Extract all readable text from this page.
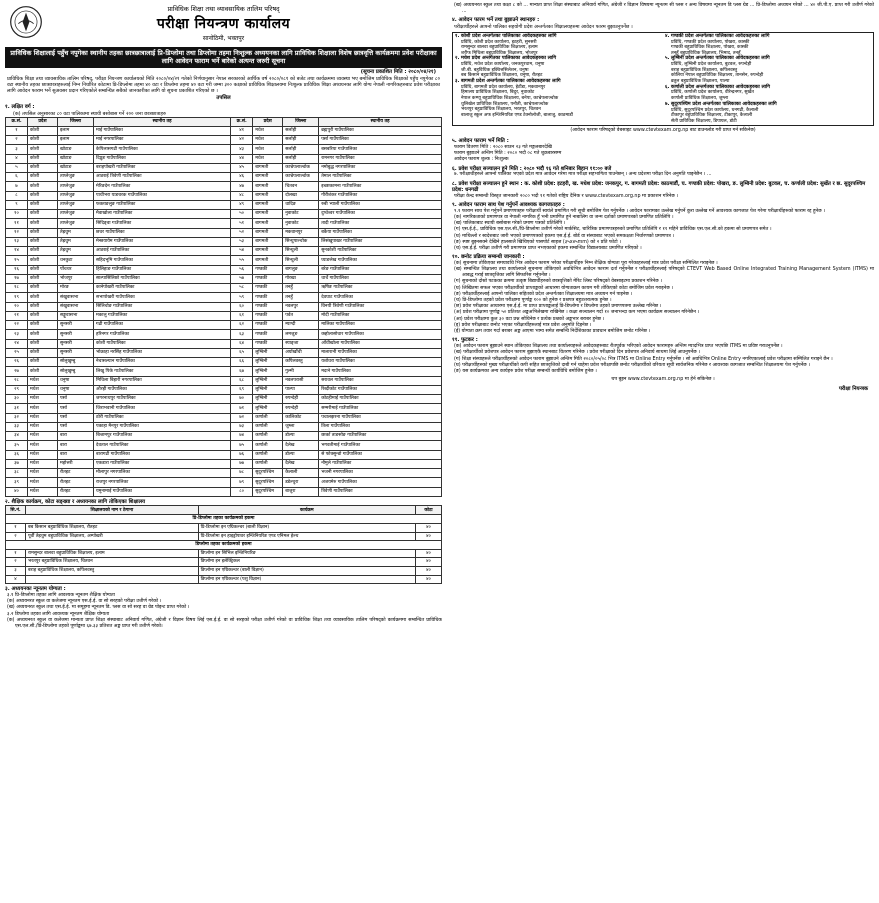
प्राविधिक शिक्षा तथा व्यावसायिक तालिम परिषद्
परीक्षा नियन्त्रण कार्यालय
सानोठिमी, भक्तपुर
प्राविधिक शिक्षालाई पहुँच नपुगेका स्थानीय तहका छात्रछात्रालाई प्रि-डिप्लोमा तथा डिप्लोमा तहमा निःशुल्क अध्ययनका लागि प्राविधिक शिक्षाला विशेष छात्रवृत्ति कार्यक्रममा प्रवेश परीक्षाका लागि आवेदन फाराम भर्ने बारेको अत्यन्त जरुरी सूचना
(सूचना प्रकाशित मिति : २०८०/०४/२१)
प्राविधिक शिक्षा तथा व्यावसायिक तालिम परिषद्, परीक्षा नियन्त्रण कार्यालयको मिति २०८०/०४/२१ गतेको निर्णयानुसार नेपाल सरकारको आर्थिक वर्ष २०८०/०८१ को बजेट तथा कार्यक्रममा व्यवस्था भए बमोजिम प्राविधिक शिक्षाको पहुँच नपुगेका ८० वटा स्थानीय तहका छात्रछात्राहरुलाई निम्न निर्धारित कोटामा प्रि-डिप्लोमा तहमा ४० वटा र डिप्लोमा तहमा ४० वटा गरी जम्मा ३०० कक्षाको प्राविधिक शिक्षालयमा निःशुल्क प्राविधिक शिक्षा अध्ययनका लागि योग्य नेपाली नागरिकहरुबाट प्रवेश परीक्षाका लागि आवेदन फाराम भर्ने सुअवसर प्रदान गरिएकोले सम्बन्धित सबैको जानकारीका लागि यो सूचना प्रकाशित गरिएको छ ।
तपसिल
१. लक्षित वर्ग :
(क) तपसिल अनुसारका ८० वटा पालिकामा स्थायी बसोबास गर्ने २०० जना छात्रछात्राहरु
क्र.सं.	प्रदेश	जिल्ला	स्थानीय तह	क्र.सं.	प्रदेश	जिल्ला	स्थानीय तह
१	कोशी	इलाम	माई गाउँपालिका	४१	मधेश	सर्लाही	ब्रह्मपुरी गाउँपालिका
२	कोशी	इलाम	माई नगरपालिका	४२	मधेश	सर्लाही	पर्सा गाउँपालिका
३	कोशी	खोटाङ	केपिलासगढी गाउँपालिका	४३	मधेश	सर्लाही	बसबरिया गाउँपालिका
४	कोशी	खोटाङ	दिप्रुङ गाउँपालिका	४४	मधेश	सर्लाही	रामनगर गाउँपालिका
५	कोशी	खोटाङ	बराहपोखरी गाउँपालिका	४५	बागमती	काभ्रेपलाञ्चोक	नमोबुद्ध नगरपालिका
६	कोशी	ताप्लेजुङ	आठराई त्रिवेणी गाउँपालिका	४६	बागमती	काभ्रेपलाञ्चोक	तेमाल गाउँपालिका
७	कोशी	ताप्लेजुङ	मेरिङदेन गाउँपालिका	४७	बागमती	चितवन	इच्छाकामना गाउँपालिका
८	कोशी	ताप्लेजुङ	पाथीभरा याङवरक गाउँपालिका	४८	बागमती	दोलखा	गौरीशंकर गाउँपालिका
९	कोशी	ताप्लेजुङ	फक्ताङलुङ गाउँपालिका	४९	बागमती	धादिङ	रुबी भ्याली गाउँपालिका
१०	कोशी	ताप्लेजुङ	मैवाखोला गाउँपालिका	५०	बागमती	नुवाकोट	दुप्चेश्वर गाउँपालिका
११	कोशी	ताप्लेजुङ	सिदिङ्वा गाउँपालिका	५१	बागमती	नुवाकोट	तादी गाउँपालिका
१२	कोशी	तेह्रथुम	छथर गाउँपालिका	५२	बागमती	मकवानपुर	बकैया गाउँपालिका
१३	कोशी	तेह्रथुम	मेन्छयायेम गाउँपालिका	५३	बागमती	सिन्धुपाल्चोक	लिसंखुपाखर गाउँपालिका
१४	कोशी	तेह्रथुम	आठराई गाउँपालिका	५४	बागमती	सिन्धुली	सुनकोशी गाउँपालिका
१५	कोशी	धनकुटा	सहिदभूमि गाउँपालिका	५५	बागमती	सिन्धुली	घ्याङलेख गाउँपालिका
१६	कोशी	पाँचथर	हिलिहाङ गाउँपालिका	५६	गण्डकी	बागलुङ	बरेङ गाउँपालिका
१७	कोशी	भोजपुर	साल्पासिलिछो गाउँपालिका	५७	गण्डकी	गोरखा	धार्चे गाउँपालिका
१८	कोशी	मोरङ	कानेपोखरी गाउँपालिका	५८	गण्डकी	तनहुँ	ऋषिङ गाउँपालिका
१९	कोशी	संखुवासभा	सभापोखरी गाउँपालिका	५९	गण्डकी	तनहुँ	देवघाट गाउँपालिका
२०	कोशी	संखुवासभा	सिलिचोङ गाउँपालिका	६०	गण्डकी	नवलपुर	विनयी त्रिवेणी गाउँपालिका
२१	कोशी	सङ्खुवासभा	मकालु गाउँपालिका	६१	गण्डकी	पर्वत	मोदी गाउँपालिका
२२	कोशी	सुनसरी	गढी गाउँपालिका	६२	गण्डकी	म्याग्दी	मालिका गाउँपालिका
२३	कोशी	सुनसरी	हरिनगर गाउँपालिका	६३	गण्डकी	लमजुङ	क्व्होलासोथार गाउँपालिका
२४	कोशी	सुनसरी	कोशी गाउँपालिका	६४	गण्डकी	स्याङ्जा	आँधीखोला गाउँपालिका
२५	कोशी	सुनसरी	भोक्राहा नरसिंह गाउँपालिका	६५	लुम्बिनी	अर्घाखाँची	मालारानी गाउँपालिका
२६	कोशी	सोलुखुम्बु	नेचासल्यान गाउँपालिका	६६	लुम्बिनी	कपिलवस्तु	यशोधरा गाउँपालिका
२७	कोशी	सोलुखुम्बु	लिखु पिके गाउँपालिका	६७	लुम्बिनी	गुल्मी	मदाने गाउँपालिका
२८	मधेश	धनुषा	मिथिला बिहारी नगरपालिका	६८	लुम्बिनी	नवलपरासी	सरावल गाउँपालिका
२९	मधेश	धनुषा	औरही गाउँपालिका	६९	लुम्बिनी	पाल्पा	रिब्दीकोट गाउँपालिका
३०	मधेश	पर्सा	जगरनाथपुर गाउँपालिका	७०	लुम्बिनी	रुपन्देही	कोटहीमाई गाउँपालिका
३१	मधेश	पर्सा	जिराभवानी गाउँपालिका	७१	लुम्बिनी	रुपन्देही	सम्मरीमाई गाउँपालिका
३२	मधेश	पर्सा	ठोरी गाउँपालिका	७२	कर्णाली	कालिकोट	पचालझरना गाउँपालिका
३३	मधेश	पर्सा	पकाहा मैनपुर गाउँपालिका	७३	कर्णाली	जुम्ला	तिला गाउँपालिका
३४	मधेश	बारा	बिश्रामपुर गाउँपालिका	७४	कर्णाली	डोल्पा	छार्का ताङसोङ गाउँपालिका
३५	मधेश	बारा	देवताल गाउँपालिका	७५	कर्णाली	दैलेख	भगवतीमाई गाउँपालिका
३६	मधेश	बारा	बारागढी गाउँपालिका	७६	कर्णाली	डोल्पा	से फोक्सुन्डो गाउँपालिका
३७	मधेश	महोत्तरी	एकडारा गाउँपालिका	७७	कर्णाली	दैलेख	नौमुले गाउँपालिका
३८	मधेश	रौतहट	मौलापुर नगरपालिका	७८	सुदूरपश्चिम	कैलाली	भजनी नगरपालिका
३९	मधेश	रौतहट	राजपुर नगरपालिका	७९	सुदूरपश्चिम	डडेल्धुरा	अजयमेरु गाउँपालिका
४०	मधेश	रौतहट	यमुनामाई गाउँपालिका	८०	सुदूरपश्चिम	बाजुरा	त्रिवेणी गाउँपालिका
२. शैक्षिक कार्यक्रम, कोटा सङ्ख्या र अध्ययनका लागि तोकिएका शिक्षालय
सि.नं.	शिक्षालयको नाम र ठेगाना	कार्यक्रम	कोटा
प्रि-डिप्लोमा तहका कार्यक्रमको हकमा			
१	बब किसान बहुप्राविधिक शिक्षालय, रौतहट	प्रि-डिप्लोमा इन एग्रिकल्चर (बाली विज्ञान)	४०
२	पूर्वी तेह्रथुम बहुप्राविधिक शिक्षालय, अम्पोखरी	प्रि-डिप्लोमा इन हाइड्रोपावर इन्जिनियरिङ एण्ड एनिमल हेल्थ	४०
डिप्लोमा तहका कार्यक्रमको हकमा			
१	रामसुन्दर बालवा बहुप्राविधिक शिक्षालय, इलाम	डिप्लोमा इन सिभिल इन्जिनियरिङ	४०
२	भरतपुर बहुप्राविधिक शिक्षालय, चितवन	डिप्लोमा इन इलेक्ट्रिकल	४०
३	बराह बहुप्राविधिक शिक्षालय, कपिलवस्तु	डिप्लोमा इन एग्रिकल्चर (बाली विज्ञान)	४०
४		डिप्लोमा इन एग्रिकल्चर (पशु विज्ञान)	४०
३. अध्ययनका न्यूनतम योग्यता :
३.१ प्रि-डिप्लोमा तहका लागि आवश्यक न्यूनतम शैक्षिक योग्यता
(क) अध्ययनरत स्कुल वा कलेजमा न्यूनतम एस.ई.ई. वा सो सरहको परीक्षा उत्तीर्ण गरेको ।
(ख) अध्ययनरत स्कुल तथा एस.ई.ई. मा समूहमा न्यूनतम डि. प्लस वा सो सरह वा ग्रेड पोइन्ट प्राप्त गरेको ।
३.२ डिप्लोमा तहका लागि आवश्यक न्यूनतम शैक्षिक योग्यता
(क) अध्ययनरत स्कुल वा कलेजमा मान्यता प्राप्त शिक्षा संस्थाबाट अनिवार्य गणित, अंग्रेजी र विज्ञान विषय लिई एस.ई.ई. वा सो सरहको परीक्षा उत्तीर्ण गरेको वा प्राविधिक शिक्षा तथा व्यावसायिक तालिम परिषद्को कार्यक्रममा सम्बन्धित प्राविधिक एस.एल.सी./प्रि-डिप्लोमा तहको पूर्णाङ्कमा ६७.३३ प्रतिशत अङ्क प्राप्त गरी उत्तीर्ण गरेको।
(ख) अध्ययनरत स्कुल तथा कक्षा ८ को ... मान्यता प्राप्त शिक्षा संस्थाबाट अनिवार्य गणित, अंग्रेजी र विज्ञान विषयमा न्यूनतम सी प्लस र अन्य विषयमा न्यूनतम डि प्लस ग्रेड ... प्रि-डिप्लोमा अध्ययन गरेको ... ४० जी.पी.ए. प्राप्त गरी उत्तीर्ण गरेको ...
४. आवेदन फारम भर्ने तथा बुझाउने स्थानहरु :
परीक्षार्थीहरुले आफ्नो पालिका सहयोगी प्रदेश अन्तर्गतका शिक्षालयहरुमा आवेदन फारम बुझाउनुपर्नेछ ।
१. कोशी प्रदेश अन्तर्गतका पालिकाका आवेदकहरुका लागि
प्रविधि, कोशी प्रदेश कार्यालय, इटहरी, सुनसरी
रामसुन्दर बालवा बहुप्राविधिक शिक्षालय, इलाम
शरीफ मिथिला बहुप्राविधिक शिक्षालय, भोजपुर
२. मधेश प्रदेश अन्तर्गतका पालिकाका आवेदकहरुका लागि
प्रविधि, मधेश प्रदेश कार्यालय, जनकपुरधाम, धनुषा
जी.बी. बहुविधिक इक्वित्तसिलेशन, धनुषा
बब किसान बहुप्राविधिक शिक्षालय, धनुषा, रौतहट
३. बागमती प्रदेश अन्तर्गतका पालिकाका आवेदकहरुका लागि
प्रविधि, बागमती प्रदेश कार्यालय, हेटौंडा, मकवानपुर
हिमालय प्राविधिक शिक्षालय, बिदुर, नुवाकोट
नेपाल कम्प्यू बहुप्राविधिक शिक्षालय, बनेपा, काभ्रेपलाञ्चोक
धुलिखेल प्राविधिक शिक्षालय, पनौती, काभ्रेपलाञ्चोक
भरतपुर बहुप्राविधिक शिक्षालय, भरतपुर, चितवन
बालाजु स्कूल अफ इन्जिनियरिङ एण्ड टेक्नोलोजी, बालाजु, काठमाडौं
४. गण्डकी प्रदेश अन्तर्गतका पालिकाका आवेदकहरुका लागि
प्रविधि, गण्डकी प्रदेश कार्यालय, पोखरा, कास्की
गण्डकी बहुप्राविधिक शिक्षालय, पोखरा, कास्की
तनहुँ बहुप्राविधिक शिक्षालय, भिमाद, तनहुँ
५. लुम्बिनी प्रदेश अन्तर्गतका पालिकाका आवेदकहरुका लागि
प्रविधि, लुम्बिनी प्रदेश कार्यालय, बुटवल, रुपन्देही
बराह बहुप्राविधिक शिक्षालय, कपिलवस्तु
कोलिया नेपाल बहुप्राविधिक शिक्षालय, तानसेन, रुपन्देही
ब्रतुल बहुप्राविधिक शिक्षालय, पाल्पा
६. कर्णाली प्रदेश अन्तर्गतका पालिकाका आवेदकहरुका लागि
प्रविधि, कर्णाली प्रदेश कार्यालय, वीरेन्द्रनगर, सुर्खेत
कर्णाली प्राविधिक शिक्षालय, जुम्ला
७. सुदूरपश्चिम प्रदेश अन्तर्गतका पालिकाका आवेदकहरुका लागि
प्रविधि, सुदूरपश्चिम प्रदेश कार्यालय, धनगढी, कैलाली
टीकापुर बहुप्राविधिक शिक्षालय, टीकापुर, कैलाली
सेती प्राविधिक शिक्षालय, डिपायल, डोटी
(आवेदन फाराम परिषद्को वेबसाइट www.ctevtexam.org.np बाट डाउनलोड गरी प्राप्त गर्न सकिनेछ)
५. आवेदन फाराम भर्ने मिति :
फाराम वितरण मिति : २०८० साउन २३ गते मङ्गलबारदेखि
फाराम बुझाउने अन्तिम मिति : २०८० भदौ ०८ गते शुक्रबारसम्म
आवेदन फाराम शुल्क : निःशुल्क
६. प्रवेश परीक्षा सञ्चालन हुने मिति : २०८० भदौ १६ गते शनिबार बिहान ११:०० बजे
७. परीक्षार्थीहरुले आफ्नो पालिका भएको प्रदेश मात्र आवेदन गरेमा मात्र परीक्षा सहभागिता पाउनेछन् । अन्य प्रदेशमा परीक्षा दिन अनुमति पाइनेछैन । ...
८. प्रवेश परीक्षा सञ्चालन हुने स्थान : क. कोशी प्रदेश: इटहरी, ख. मधेश प्रदेश: जनकपुर, ग. बागमती प्रदेश: काठमाडौं, घ. गण्डकी प्रदेश: पोखरा, ङ. लुम्बिनी प्रदेश: बुटवल, च. कर्णाली प्रदेश: सुर्खेत र छ. सुदूरपश्चिम प्रदेश: धनगढी
परीक्षा केन्द्र सम्बन्धी विस्तृत जानकारी २०८० भदौ ११ गतेको राष्ट्रिय दैनिक र www.ctevtexam.org.np मा प्रकाशन गरिनेछ ।
९. आवेदन फाराम साथ पेश गर्नुपर्ने आवश्यक कागजातहरु :
९.१ फाराम साथ पेश गर्नुपर्ने प्रमाणपत्रहरु परीक्षार्थी स्वयंले प्रमाणित गरी सुची बमोजिम पेश गर्नुपर्नेछ । आवेदन फारामका उल्लेख गर्नुपर्ने कुरा उल्लेख गर्ने आवश्यक कागजात पेश गरेमा परीक्षार्थीहरुको फाराम रद्द हुनेछ ।
(क) नागरिकताको प्रमाणपत्र वा नेपाली नागरिक हुँ भनी प्रमाणित हुने नाबालिग वा जन्म दर्ताको प्रमाणपत्रको प्रमाणित प्रतिलिपि ।
(ख) पालिकाबाट स्थायी बसोबास गरेको प्रमाण पत्रको प्रतिलिपि ।
(ग) एस.ई.ई., प्राविधिक एस.एल.सी./प्रि-डिप्लोमा उत्तीर्ण गरेको मार्कसिट, चारित्रिक प्रमाणपत्रहरुको प्रमाणित प्रतिलिपि र ११ महिने प्राविधिक एस.एल.सी.को हकमा सो प्रमाणपत्र समेत ।
(घ) माथिल्लो र स्वदेशबाट जारी भएको प्रमाणपत्रको हकमा एस.ई.ई. बोर्ड वा संस्थाबाट भएको समकक्षता निर्धारणको प्रमाणपत्र ।
(ङ) स्पष्ट बुझ्नसक्ने देखिने हालसालै खिचिएको पासपोर्ट साइज (३५x४५mm) को २ प्रति फोटो ।
(च) एस.ई.ई. परीक्षा उत्तीर्ण गरी प्रमाणपत्र प्राप्त नभएकाको हकमा सम्बन्धित विद्यालयबाट प्रमाणित गरिएको ।
१०. छनोट प्रक्रिया सम्बन्धी जानकारी :
(क) सुचनामा तोकिएका समयावधि भित्र आवेदन फाराम भरेका परीक्षार्थीहरु निम्न शैक्षिक योग्यता पूरा गरेकाहरुलाई मात्र प्रवेश परीक्षा सम्मिलित गराइनेछ ।
(ख) सम्बन्धित शिक्षालय तथा कार्यालयले सुचनामा तोकिएको अवधिभित्र आवेदन फाराम दर्ता गर्नुपर्नेछ र परीक्षार्थीहरुलाई परिषद्को CTEVT Web Based Online Integrated Training Management System (ITMS) मा आबद्ध गराई छात्रवृत्तिका लागि सिफारिस गर्नुपर्नेछ ।
(ग) सुचनाको दोस्रो पटकका क्रममा उत्कृष्ट बिद्यार्थीहरुको छात्रवृत्तिको मेरिट लिस्ट परिषद्को वेबसाइटमा प्रकाशन गरिनेछ ।
(घ) लिखितमा सफल भएका परीक्षार्थीको प्राप्ताङ्कको आधारमा योग्यताक्रम कायम गरी तोकिएको कोटा बमोजिम प्रवेश गराइनेछ ।
(ङ) परीक्षार्थीहरुलाई आफ्नो पालिका सहितको प्रदेश अन्तर्गतका शिक्षालयमा मात्र अध्ययन गर्न पाइनेछ ।
(च) प्रि-डिप्लोमा तहको प्रवेश परीक्षामा पूर्णाङ्क १०० को हुनेछ र प्रश्नपत्र बहुउत्तरात्मक हुनेछ ।
(छ) प्रवेश परीक्षाका आधारमा एस.ई.ई. मा प्राप्त प्राप्ताङ्कलाई प्रि-डिप्लोमा र डिप्लोमा तहको प्रमाणपत्रमा उल्लेख गरिनेछ ।
(अ) प्रवेश परीक्षामा पूर्णाङ्क ५० प्रतिशत अङ्कअभिलेखमा राखिनेछ । कक्षा सञ्चालन गर्दा १० जनाभन्दा कम भएमा कार्यक्रम सञ्चालन गरिनेछैन ।
(आ) प्रवेश परीक्षामा कुल ३० वटा प्रश्न सोधिनेछ र प्रत्येक प्रश्नको अङ्कभार बराबर हुनेछ ।
(इ) प्रवेश परीक्षाबाट छनोट भएका परीक्षार्थीहरुलाई मात्र प्रवेश अनुमति दिइनेछ ।
(ई) योग्यता क्रम तयार गर्दा बराबर अङ्क आएमा भाग्य समेत सम्बन्धि निर्देशिकाका प्रावधान बमोजिम छनोट गरिनेछ ।
११. फुटकर :
(क) आवेदन फाराम बुझाउने स्थान तोकिएका शिक्षालय तथा कार्यालयहरुले आवेदकहरुबाट रीतपूर्वक भरिएको आवेदन फारामहरु अन्तिम म्यादभित्र प्राप्त भएपछि ITMS मा प्रविष्ट गराउनुपर्नेछ ।
(ख) परीक्षार्थीको प्रवेशपत्र आवेदन फाराम बुझाएकै स्थानबाट वितरण गरिनेछ । प्रवेश परीक्षाको दिन प्रवेशपत्र अनिवार्य साथमा लिई आउनुपर्नेछ ।
(ग) शिक्षा संस्थाहरुले परीक्षार्थीहरुको आवेदन फाराम बुझाउने अन्तिम मिति २०८०/०५/०८ भित्र ITMS मा Online Entry गर्नुपर्नेछ । सो अवधिभित्र Online Entry नगरिएकालाई प्रवेश परीक्षामा सम्मिलित गराइने छैन ।
(घ) परीक्षार्थीहरुको मुख्य परीक्षार्थीको कपी सहित छात्रवृत्तिको दाबी गर्न चाहेमा प्रवेश परीक्षापछि छनोट परीक्षार्थीको वरियता सूची सार्वजनिक गरिनेछ र आवश्यक कागजात सम्बन्धित शिक्षालयमा पेश गर्नुपर्नेछ ।
(ङ) यस कार्यक्रमका अन्य कार्यहरु प्रवेश परीक्षा सम्बन्धी कार्यविधि बमोजिम हुनेछ ।
थप बुझ्न www.ctevtexam.org.np मा हेर्न सकिनेछ ।
परीक्षा नियन्त्रक
